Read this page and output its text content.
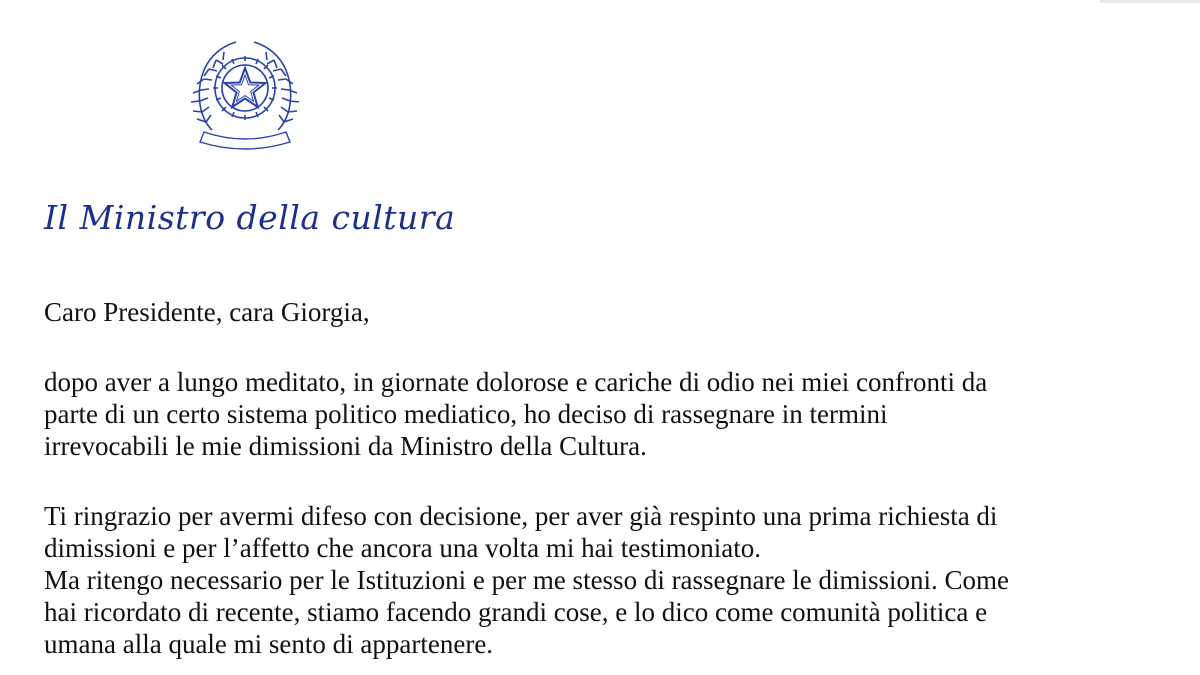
Il Ministro della cultura
Caro Presidente, cara Giorgia,
dopo aver a lungo meditato, in giornate dolorose e cariche di odio nei miei confronti da
parte di un certo sistema politico mediatico, ho deciso di rassegnare in termini
irrevocabili le mie dimissioni da Ministro della Cultura.
Ti ringrazio per avermi difeso con decisione, per aver già respinto una prima richiesta di
dimissioni e per l’affetto che ancora una volta mi hai testimoniato.
Ma ritengo necessario per le Istituzioni e per me stesso di rassegnare le dimissioni. Come
hai ricordato di recente, stiamo facendo grandi cose, e lo dico come comunità politica e
umana alla quale mi sento di appartenere.
